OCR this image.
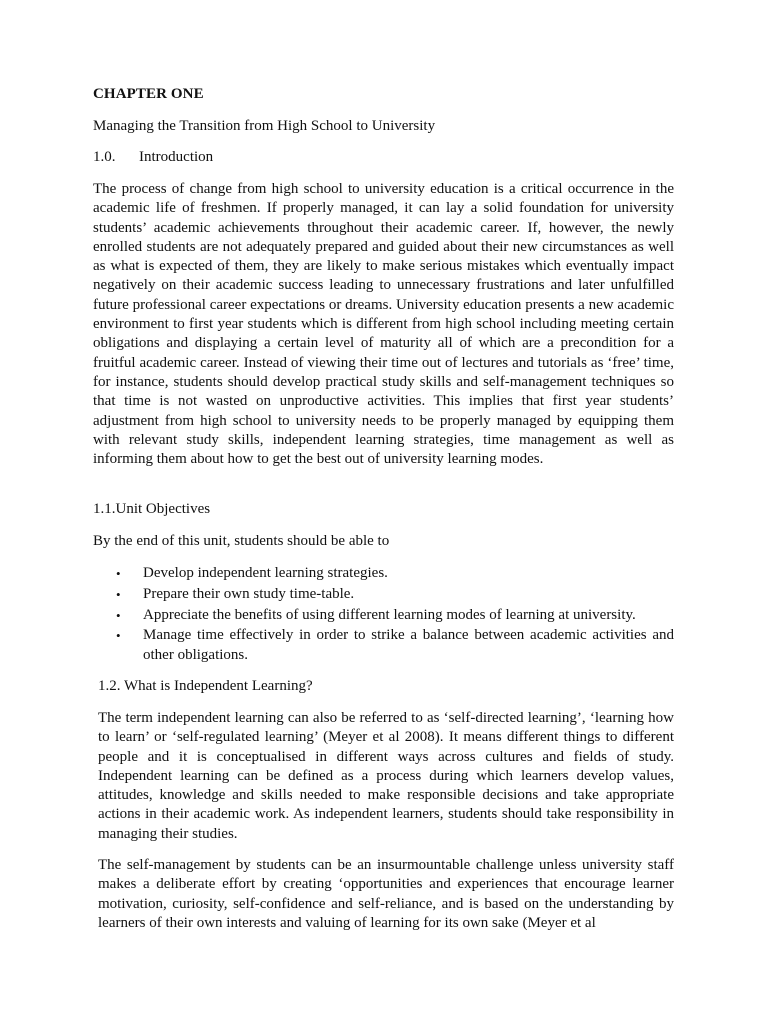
CHAPTER ONE

Managing the Transition from High School to University

1.0. Introduction

The process of change from high school to university education is a critical occurrence in the academic life of freshmen. If properly managed, it can lay a solid foundation for university students’ academic achievements throughout their academic career. If, however, the newly enrolled students are not adequately prepared and guided about their new circumstances as well as what is expected of them, they are likely to make serious mistakes which eventually impact negatively on their academic success leading to unnecessary frustrations and later unfulfilled future professional career expectations or dreams. University education presents a new academic environment to first year students which is different from high school including meeting certain obligations and displaying a certain level of maturity all of which are a precondition for a fruitful academic career. Instead of viewing their time out of lectures and tutorials as ‘free’ time, for instance, students should develop practical study skills and self-management techniques so that time is not wasted on unproductive activities. This implies that first year students’ adjustment from high school to university needs to be properly managed by equipping them with relevant study skills, independent learning strategies, time management as well as informing them about how to get the best out of university learning modes.

1.1.Unit Objectives

By the end of this unit, students should be able to

• Develop independent learning strategies.
• Prepare their own study time-table.
• Appreciate the benefits of using different learning modes of learning at university.
• Manage time effectively in order to strike a balance between academic activities and other obligations.

1.2. What is Independent Learning?

The term independent learning can also be referred to as ‘self-directed learning’, ‘learning how to learn’ or ‘self-regulated learning’ (Meyer et al 2008). It means different things to different people and it is conceptualised in different ways across cultures and fields of study. Independent learning can be defined as a process during which learners develop values, attitudes, knowledge and skills needed to make responsible decisions and take appropriate actions in their academic work. As independent learners, students should take responsibility in managing their studies.

The self-management by students can be an insurmountable challenge unless university staff makes a deliberate effort by creating ‘opportunities and experiences that encourage learner motivation, curiosity, self-confidence and self-reliance, and is based on the understanding by learners of their own interests and valuing of learning for its own sake (Meyer et al
